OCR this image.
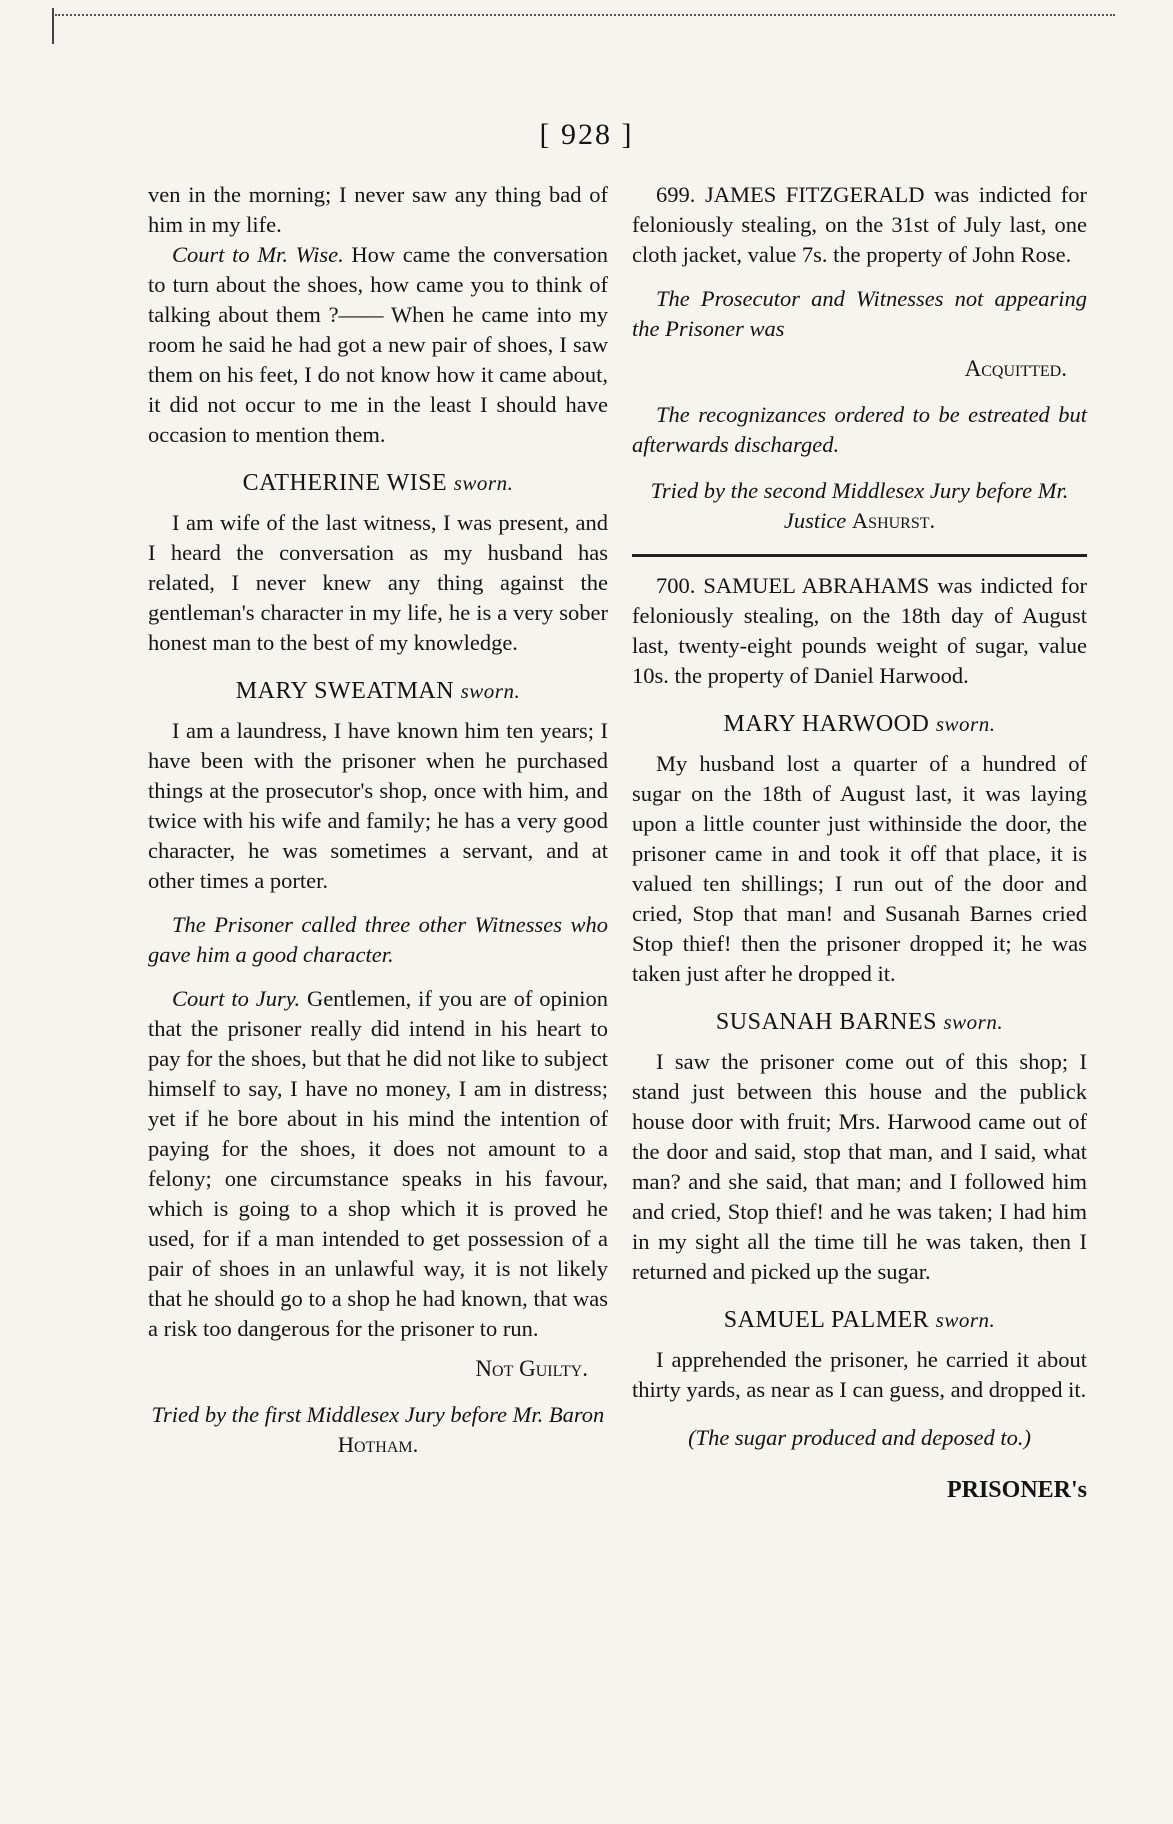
[ 928 ]

ven in the morning; I never saw any thing bad of him in my life.

Court to Mr. Wise. How came the conversation to turn about the shoes, how came you to think of talking about them ?—— When he came into my room he said he had got a new pair of shoes, I saw them on his feet, I do not know how it came about, it did not occur to me in the least I should have occasion to mention them.

CATHERINE WISE sworn.

I am wife of the last witness, I was present, and I heard the conversation as my husband has related, I never knew any thing against the gentleman's character in my life, he is a very sober honest man to the best of my knowledge.

MARY SWEATMAN sworn.

I am a laundress, I have known him ten years; I have been with the prisoner when he purchased things at the prosecutor's shop, once with him, and twice with his wife and family; he has a very good character, he was sometimes a servant, and at other times a porter.

The Prisoner called three other Witnesses who gave him a good character.

Court to Jury. Gentlemen, if you are of opinion that the prisoner really did intend in his heart to pay for the shoes, but that he did not like to subject himself to say, I have no money, I am in distress; yet if he bore about in his mind the intention of paying for the shoes, it does not amount to a felony; one circumstance speaks in his favour, which is going to a shop which it is proved he used, for if a man intended to get possession of a pair of shoes in an unlawful way, it is not likely that he should go to a shop he had known, that was a risk too dangerous for the prisoner to run.

Not Guilty.

Tried by the first Middlesex Jury before Mr. Baron Hotham.

699. JAMES FITZGERALD was indicted for feloniously stealing, on the 31st of July last, one cloth jacket, value 7s. the property of John Rose.

The Prosecutor and Witnesses not appearing the Prisoner was

Acquitted.

The recognizances ordered to be estreated but afterwards discharged.

Tried by the second Middlesex Jury before Mr. Justice Ashurst.

700. SAMUEL ABRAHAMS was indicted for feloniously stealing, on the 18th day of August last, twenty-eight pounds weight of sugar, value 10s. the property of Daniel Harwood.

MARY HARWOOD sworn.

My husband lost a quarter of a hundred of sugar on the 18th of August last, it was laying upon a little counter just withinside the door, the prisoner came in and took it off that place, it is valued ten shillings; I run out of the door and cried, Stop that man! and Susanah Barnes cried Stop thief! then the prisoner dropped it; he was taken just after he dropped it.

SUSANAH BARNES sworn.

I saw the prisoner come out of this shop; I stand just between this house and the publick house door with fruit; Mrs. Harwood came out of the door and said, stop that man, and I said, what man? and she said, that man; and I followed him and cried, Stop thief! and he was taken; I had him in my sight all the time till he was taken, then I returned and picked up the sugar.

SAMUEL PALMER sworn.

I apprehended the prisoner, he carried it about thirty yards, as near as I can guess, and dropped it.

(The sugar produced and deposed to.)

PRISONER's
